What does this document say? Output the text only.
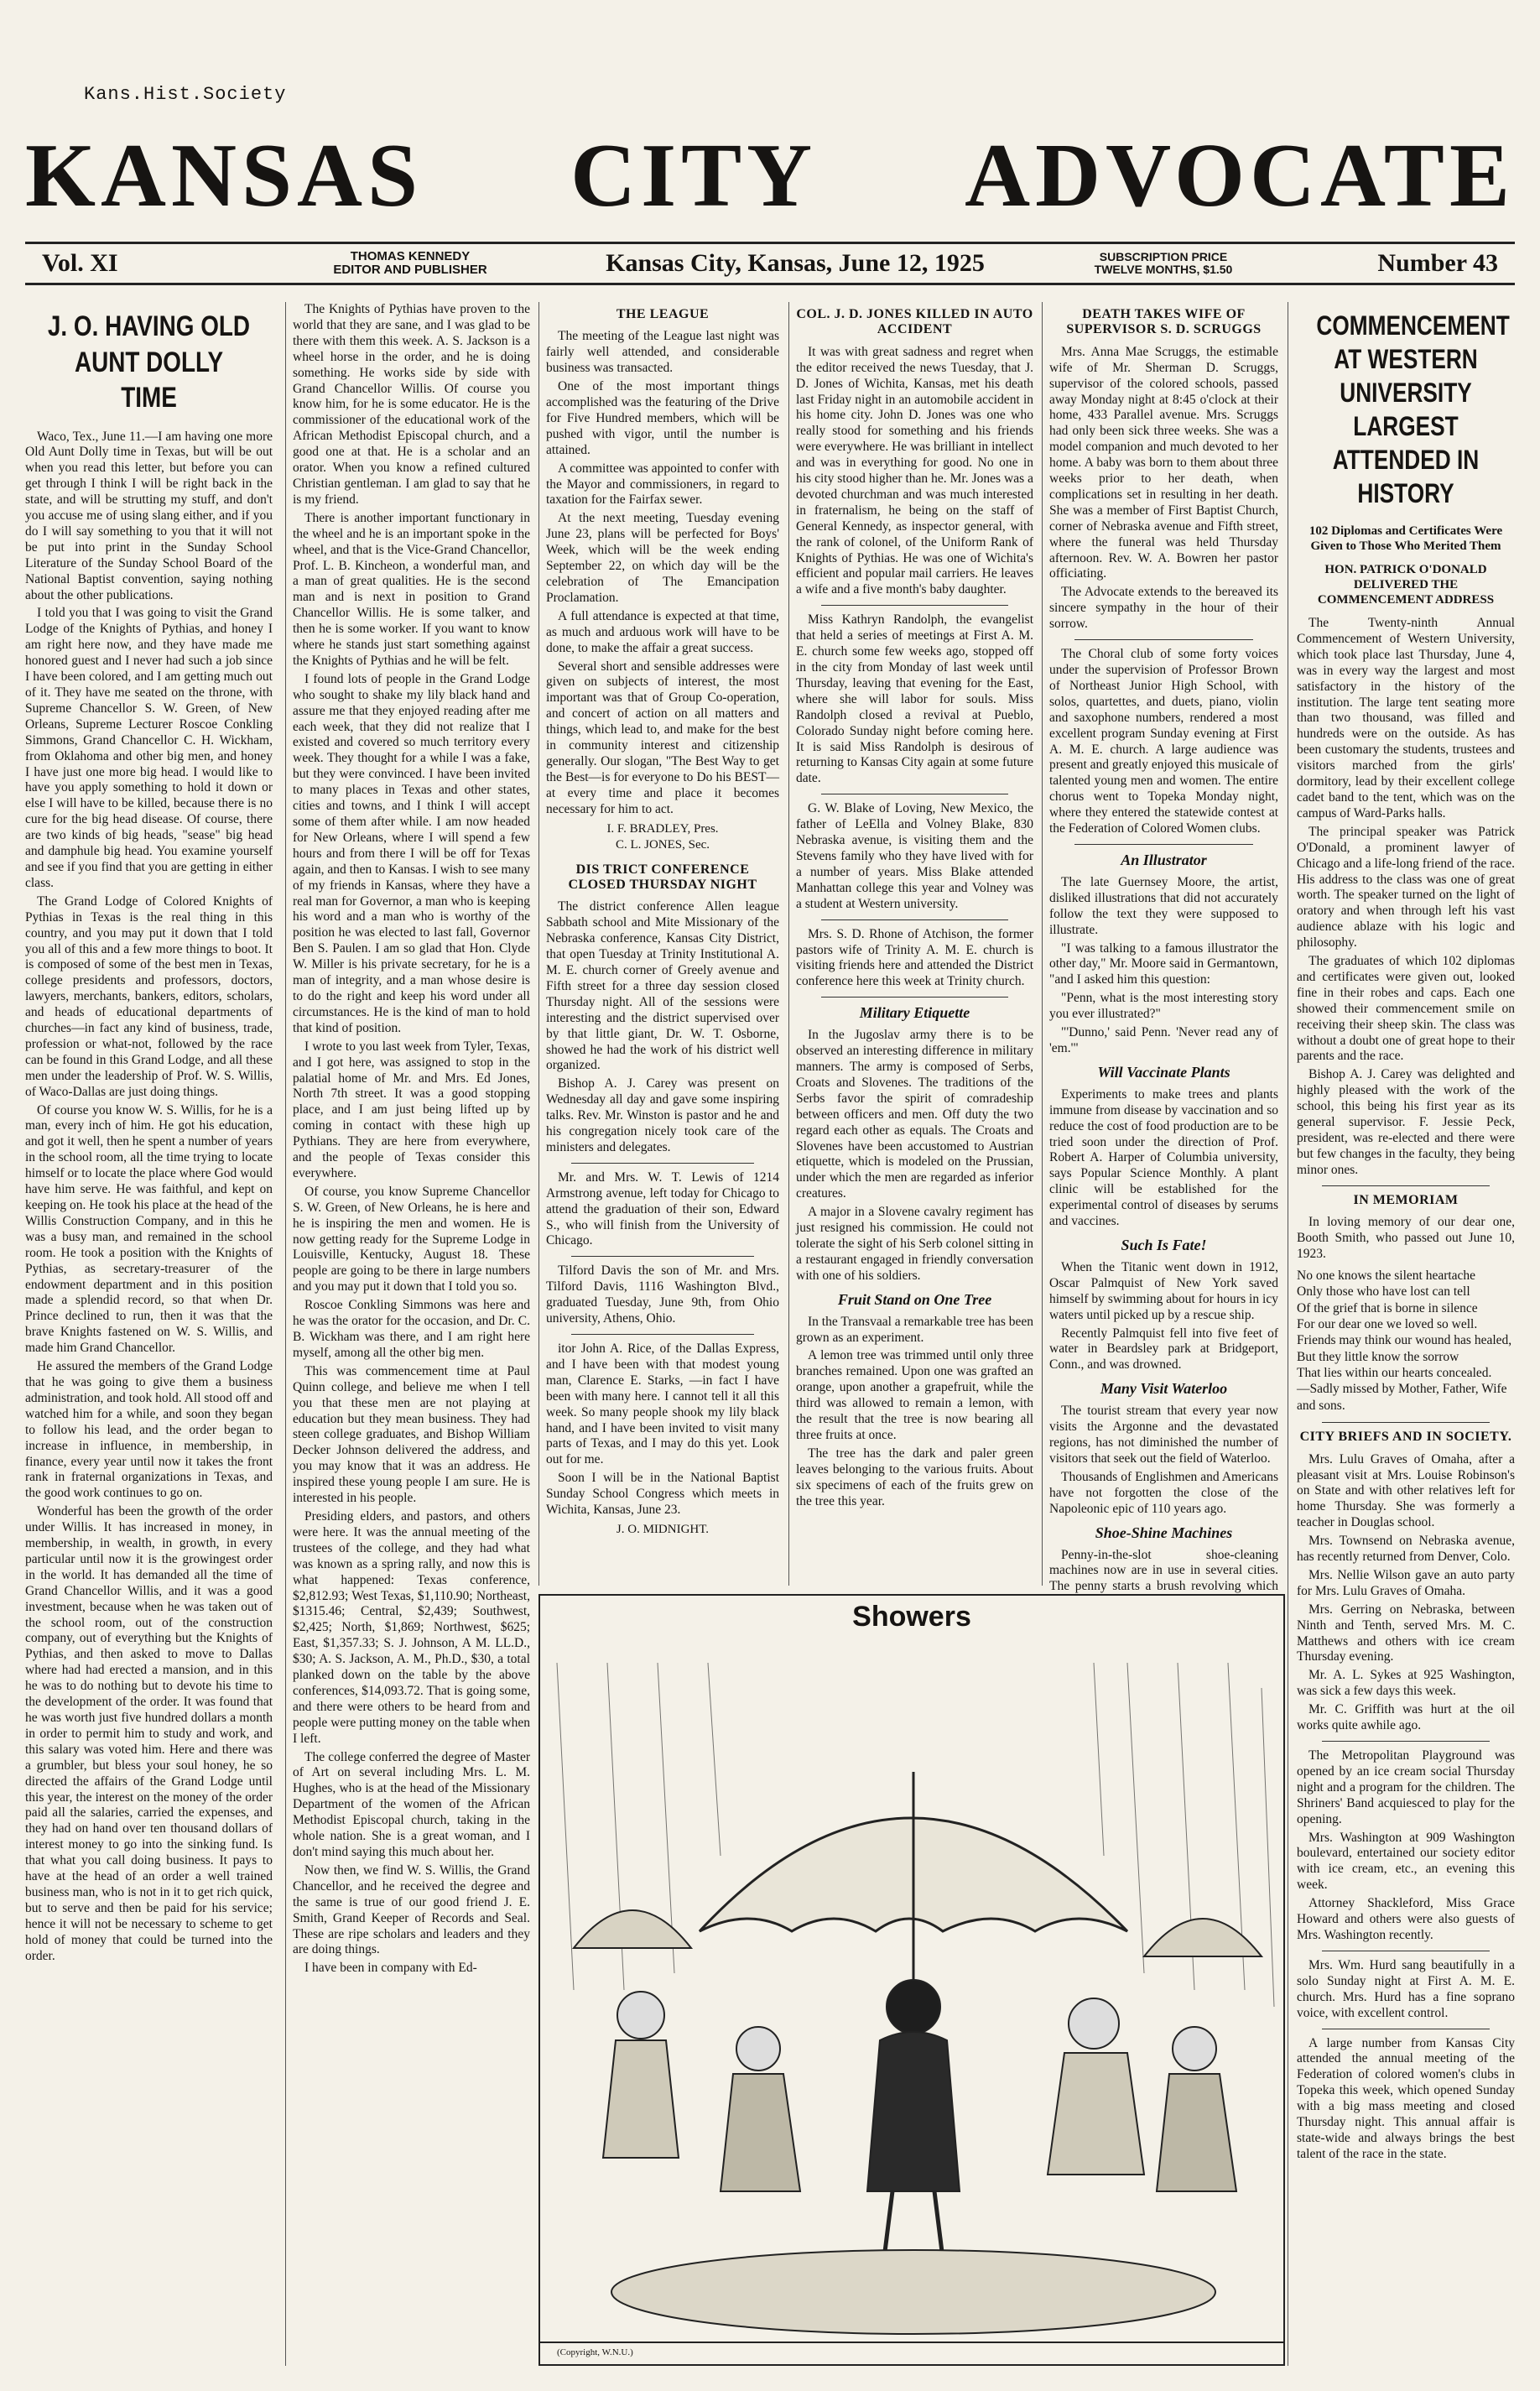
Kans.Hist.Society
KANSAS CITY ADVOCATE
Vol. XI	THOMAS KENNEDY
EDITOR AND PUBLISHER	Kansas City, Kansas, June 12, 1925	SUBSCRIPTION PRICE
TWELVE MONTHS, $1.50	Number 43
J. O. HAVING OLD AUNT DOLLY TIME

Waco, Tex., June 11.—I am having one more Old Aunt Dolly time in Texas, but will be out when you read this letter, but before you can get through I think I will be right back in the state, and will be strutting my stuff, and don't you accuse me of using slang either, and if you do I will say something to you that it will not be put into print in the Sunday School Literature of the Sunday School Board of the National Baptist convention, saying nothing about the other publications.

I told you that I was going to visit the Grand Lodge of the Knights of Pythias, and honey I am right here now, and they have made me honored guest and I never had such a job since I have been colored, and I am getting much out of it. They have me seated on the throne, with Supreme Chancellor S. W. Green, of New Orleans, Supreme Lecturer Roscoe Conkling Simmons, Grand Chancellor C. H. Wickham, from Oklahoma and other big men, and honey I have just one more big head. I would like to have you apply something to hold it down or else I will have to be killed, because there is no cure for the big head disease. Of course, there are two kinds of big heads, "sease" big head and damphule big head. You examine yourself and see if you find that you are getting in either class.

The Grand Lodge of Colored Knights of Pythias in Texas is the real thing in this country, and you may put it down that I told you all of this and a few more things to boot. It is composed of some of the best men in Texas, college presidents and professors, doctors, lawyers, merchants, bankers, editors, scholars, and heads of educational departments of churches—in fact any kind of business, trade, profession or what-not, followed by the race can be found in this Grand Lodge, and all these men under the leadership of Prof. W. S. Willis, of Waco-Dallas are just doing things.

Of course you know W. S. Willis, for he is a man, every inch of him. He got his education, and got it well, then he spent a number of years in the school room, all the time trying to locate himself or to locate the place where God would have him serve. He was faithful, and kept on keeping on. He took his place at the head of the Willis Construction Company, and in this he was a busy man, and remained in the school room. He took a position with the Knights of Pythias, as secretary-treasurer of the endowment department and in this position made a splendid record, so that when Dr. Prince declined to run, then it was that the brave Knights fastened on W. S. Willis, and made him Grand Chancellor.

He assured the members of the Grand Lodge that he was going to give them a business administration, and took hold. All stood off and watched him for a while, and soon they began to follow his lead, and the order began to increase in influence, in membership, in finance, every year until now it takes the front rank in fraternal organizations in Texas, and the good work continues to go on.

Wonderful has been the growth of the order under Willis. It has increased in money, in membership, in wealth, in growth, in every particular until now it is the growingest order in the world. It has demanded all the time of Grand Chancellor Willis, and it was a good investment, because when he was taken out of the school room, out of the construction company, out of everything but the Knights of Pythias, and then asked to move to Dallas where had had erected a mansion, and in this he was to do nothing but to devote his time to the development of the order. It was found that he was worth just five hundred dollars a month in order to permit him to study and work, and this salary was voted him. Here and there was a grumbler, but bless your soul honey, he so directed the affairs of the Grand Lodge until this year, the interest on the money of the order paid all the salaries, carried the expenses, and they had on hand over ten thousand dollars of interest money to go into the sinking fund. Is that what you call doing business. It pays to have at the head of an order a well trained business man, who is not in it to get rich quick, but to serve and then be paid for his service; hence it will not be necessary to scheme to get hold of money that could be turned into the order.

The Knights of Pythias have proven to the world that they are sane, and I was glad to be there with them this week. A. S. Jackson is a wheel horse in the order, and he is doing something. He works side by side with Grand Chancellor Willis. Of course you know him, for he is some educator. He is the commissioner of the educational work of the African Methodist Episcopal church, and a good one at that. He is a scholar and an orator. When you know a refined cultured Christian gentleman. I am glad to say that he is my friend.

There is another important functionary in the wheel and he is an important spoke in the wheel, and that is the Vice-Grand Chancellor, Prof. L. B. Kincheon, a wonderful man, and a man of great qualities. He is the second man and is next in position to Grand Chancellor Willis. He is some talker, and then he is some worker. If you want to know where he stands just start something against the Knights of Pythias and he will be felt.

I found lots of people in the Grand Lodge who sought to shake my lily black hand and assure me that they enjoyed reading after me each week, that they did not realize that I existed and covered so much territory every week. They thought for a while I was a fake, but they were convinced. I have been invited to many places in Texas and other states, cities and towns, and I think I will accept some of them after while. I am now headed for New Orleans, where I will spend a few hours and from there I will be off for Texas again, and then to Kansas. I wish to see many of my friends in Kansas, where they have a real man for Governor, a man who is keeping his word and a man who is worthy of the position he was elected to last fall, Governor Ben S. Paulen. I am so glad that Hon. Clyde W. Miller is his private secretary, for he is a man of integrity, and a man whose desire is to do the right and keep his word under all circumstances. He is the kind of man to hold that kind of position.

I wrote to you last week from Tyler, Texas, and I got here, was assigned to stop in the palatial home of Mr. and Mrs. Ed Jones, North 7th street. It was a good stopping place, and I am just being lifted up by coming in contact with these high up Pythians. They are here from everywhere, and the people of Texas consider this everywhere.

Of course, you know Supreme Chancellor S. W. Green, of New Orleans, he is here and he is inspiring the men and women. He is now getting ready for the Supreme Lodge in Louisville, Kentucky, August 18. These people are going to be there in large numbers and you may put it down that I told you so.

Roscoe Conkling Simmons was here and he was the orator for the occasion, and Dr. C. B. Wickham was there, and I am right here myself, among all the other big men.

This was commencement time at Paul Quinn college, and believe me when I tell you that these men are not playing at education but they mean business. They had steen college graduates, and Bishop William Decker Johnson delivered the address, and you may know that it was an address. He inspired these young people I am sure. He is interested in his people.

Presiding elders, and pastors, and others were here. It was the annual meeting of the trustees of the college, and they had what was known as a spring rally, and now this is what happened: Texas conference, $2,812.93; West Texas, $1,110.90; Northeast, $1315.46; Central, $2,439; Southwest, $2,425; North, $1,869; Northwest, $625; East, $1,357.33; S. J. Johnson, A M. LL.D., $30; A. S. Jackson, A. M., Ph.D., $30, a total planked down on the table by the above conferences, $14,093.72. That is going some, and there were others to be heard from and people were putting money on the table when I left.

The college conferred the degree of Master of Art on several including Mrs. L. M. Hughes, who is at the head of the Missionary Department of the women of the African Methodist Episcopal church, taking in the whole nation. She is a great woman, and I don't mind saying this much about her.

Now then, we find W. S. Willis, the Grand Chancellor, and he received the degree and the same is true of our good friend J. E. Smith, Grand Keeper of Records and Seal. These are ripe scholars and leaders and they are doing things.

I have been in company with Ed-

THE LEAGUE

The meeting of the League last night was fairly well attended, and considerable business was transacted.

One of the most important things accomplished was the featuring of the Drive for Five Hundred members, which will be pushed with vigor, until the number is attained.

A committee was appointed to confer with the Mayor and commissioners, in regard to taxation for the Fairfax sewer.

At the next meeting, Tuesday evening June 23, plans will be perfected for Boys' Week, which will be the week ending September 22, on which day will be the celebration of The Emancipation Proclamation.

A full attendance is expected at that time, as much and arduous work will have to be done, to make the affair a great success.

Several short and sensible addresses were given on subjects of interest, the most important was that of Group Co-operation, and concert of action on all matters and things, which lead to, and make for the best in community interest and citizenship generally. Our slogan, "The Best Way to get the Best—is for everyone to Do his BEST—at every time and place it becomes necessary for him to act.

I. F. BRADLEY, Pres.
C. L. JONES, Sec.
DIS TRICT CONFERENCE CLOSED THURSDAY NIGHT

The district conference Allen league Sabbath school and Mite Missionary of the Nebraska conference, Kansas City District, that open Tuesday at Trinity Institutional A. M. E. church corner of Greely avenue and Fifth street for a three day session closed Thursday night. All of the sessions were interesting and the district supervised over by that little giant, Dr. W. T. Osborne, showed he had the work of his district well organized.

Bishop A. J. Carey was present on Wednesday all day and gave some inspiring talks. Rev. Mr. Winston is pastor and he and his congregation nicely took care of the ministers and delegates.

Mr. and Mrs. W. T. Lewis of 1214 Armstrong avenue, left today for Chicago to attend the graduation of their son, Edward S., who will finish from the University of Chicago.

Tilford Davis the son of Mr. and Mrs. Tilford Davis, 1116 Washington Blvd., graduated Tuesday, June 9th, from Ohio university, Athens, Ohio.

itor John A. Rice, of the Dallas Express, and I have been with that modest young man, Clarence E. Starks, —in fact I have been with many here. I cannot tell it all this week. So many people shook my lily black hand, and I have been invited to visit many parts of Texas, and I may do this yet. Look out for me.

Soon I will be in the National Baptist Sunday School Congress which meets in Wichita, Kansas, June 23.

J. O. MIDNIGHT.
COL. J. D. JONES KILLED IN AUTO ACCIDENT

It was with great sadness and regret when the editor received the news Tuesday, that J. D. Jones of Wichita, Kansas, met his death last Friday night in an automobile accident in his home city. John D. Jones was one who really stood for something and his friends were everywhere. He was brilliant in intellect and was in everything for good. No one in his city stood higher than he. Mr. Jones was a devoted churchman and was much interested in fraternalism, he being on the staff of General Kennedy, as inspector general, with the rank of colonel, of the Uniform Rank of Knights of Pythias. He was one of Wichita's efficient and popular mail carriers. He leaves a wife and a five month's baby daughter.

Miss Kathryn Randolph, the evangelist that held a series of meetings at First A. M. E. church some few weeks ago, stopped off in the city from Monday of last week until Thursday, leaving that evening for the East, where she will labor for souls. Miss Randolph closed a revival at Pueblo, Colorado Sunday night before coming here. It is said Miss Randolph is desirous of returning to Kansas City again at some future date.

G. W. Blake of Loving, New Mexico, the father of LeElla and Volney Blake, 830 Nebraska avenue, is visiting them and the Stevens family who they have lived with for a number of years. Miss Blake attended Manhattan college this year and Volney was a student at Western university.

Mrs. S. D. Rhone of Atchison, the former pastors wife of Trinity A. M. E. church is visiting friends here and attended the District conference here this week at Trinity church.

Military Etiquette

In the Jugoslav army there is to be observed an interesting difference in military manners. The army is composed of Serbs, Croats and Slovenes. The traditions of the Serbs favor the spirit of comradeship between officers and men. Off duty the two regard each other as equals. The Croats and Slovenes have been accustomed to Austrian etiquette, which is modeled on the Prussian, under which the men are regarded as inferior creatures.

A major in a Slovene cavalry regiment has just resigned his commission. He could not tolerate the sight of his Serb colonel sitting in a restaurant engaged in friendly conversation with one of his soldiers.

Fruit Stand on One Tree

In the Transvaal a remarkable tree has been grown as an experiment.

A lemon tree was trimmed until only three branches remained. Upon one was grafted an orange, upon another a grapefruit, while the third was allowed to remain a lemon, with the result that the tree is now bearing all three fruits at once.

The tree has the dark and paler green leaves belonging to the various fruits. About six specimens of each of the fruits grew on the tree this year.

DEATH TAKES WIFE OF SUPERVISOR S. D. SCRUGGS

Mrs. Anna Mae Scruggs, the estimable wife of Mr. Sherman D. Scruggs, supervisor of the colored schools, passed away Monday night at 8:45 o'clock at their home, 433 Parallel avenue. Mrs. Scruggs had only been sick three weeks. She was a model companion and much devoted to her home. A baby was born to them about three weeks prior to her death, when complications set in resulting in her death. She was a member of First Baptist Church, corner of Nebraska avenue and Fifth street, where the funeral was held Thursday afternoon. Rev. W. A. Bowren her pastor officiating.

The Advocate extends to the bereaved its sincere sympathy in the hour of their sorrow.

The Choral club of some forty voices under the supervision of Professor Brown of Northeast Junior High School, with solos, quartettes, and duets, piano, violin and saxophone numbers, rendered a most excellent program Sunday evening at First A. M. E. church. A large audience was present and greatly enjoyed this musicale of talented young men and women. The entire chorus went to Topeka Monday night, where they entered the statewide contest at the Federation of Colored Women clubs.

An Illustrator

The late Guernsey Moore, the artist, disliked illustrations that did not accurately follow the text they were supposed to illustrate.

"I was talking to a famous illustrator the other day," Mr. Moore said in Germantown, "and I asked him this question:

"Penn, what is the most interesting story you ever illustrated?"

"'Dunno,' said Penn. 'Never read any of 'em.'"

Will Vaccinate Plants

Experiments to make trees and plants immune from disease by vaccination and so reduce the cost of food production are to be tried soon under the direction of Prof. Robert A. Harper of Columbia university, says Popular Science Monthly. A plant clinic will be established for the experimental control of diseases by serums and vaccines.

Such Is Fate!

When the Titanic went down in 1912, Oscar Palmquist of New York saved himself by swimming about for hours in icy waters until picked up by a rescue ship.

Recently Palmquist fell into five feet of water in Beardsley park at Bridgeport, Conn., and was drowned.

Many Visit Waterloo

The tourist stream that every year now visits the Argonne and the devastated regions, has not diminished the number of visitors that seek out the field of Waterloo.

Thousands of Englishmen and Americans have not forgotten the close of the Napoleonic epic of 110 years ago.

Shoe-Shine Machines

Penny-in-the-slot shoe-cleaning machines now are in use in several cities. The penny starts a brush revolving which

COMMENCEMENT AT WESTERN UNIVERSITY LARGEST ATTENDED IN HISTORY
102 Diplomas and Certificates Were Given to Those Who Merited Them
HON. PATRICK O'DONALD DELIVERED THE COMMENCEMENT ADDRESS

The Twenty-ninth Annual Commencement of Western University, which took place last Thursday, June 4, was in every way the largest and most satisfactory in the history of the institution. The large tent seating more than two thousand, was filled and hundreds were on the outside. As has been customary the students, trustees and visitors marched from the girls' dormitory, lead by their excellent college cadet band to the tent, which was on the campus of Ward-Parks halls.

The principal speaker was Patrick O'Donald, a prominent lawyer of Chicago and a life-long friend of the race. His address to the class was one of great worth. The speaker turned on the light of oratory and when through left his vast audience ablaze with his logic and philosophy.

The graduates of which 102 diplomas and certificates were given out, looked fine in their robes and caps. Each one showed their commencement smile on receiving their sheep skin. The class was without a doubt one of great hope to their parents and the race.

Bishop A. J. Carey was delighted and highly pleased with the work of the school, this being his first year as its general supervisor. F. Jessie Peck, president, was re-elected and there were but few changes in the faculty, they being minor ones.

IN MEMORIAM

In loving memory of our dear one, Booth Smith, who passed out June 10, 1923.

No one knows the silent heartache
Only those who have lost can tell
Of the grief that is borne in silence
For our dear one we loved so well.
Friends may think our wound has healed,
But they little know the sorrow
That lies within our hearts concealed.
—Sadly missed by Mother, Father, Wife and sons.
CITY BRIEFS AND IN SOCIETY.

Mrs. Lulu Graves of Omaha, after a pleasant visit at Mrs. Louise Robinson's on State and with other relatives left for home Thursday. She was formerly a teacher in Douglas school.

Mrs. Townsend on Nebraska avenue, has recently returned from Denver, Colo.

Mrs. Nellie Wilson gave an auto party for Mrs. Lulu Graves of Omaha.

Mrs. Gerring on Nebraska, between Ninth and Tenth, served Mrs. M. C. Matthews and others with ice cream Thursday evening.

Mr. A. L. Sykes at 925 Washington, was sick a few days this week.

Mr. C. Griffith was hurt at the oil works quite awhile ago.

The Metropolitan Playground was opened by an ice cream social Thursday night and a program for the children. The Shriners' Band acquiesced to play for the opening.

Mrs. Washington at 909 Washington boulevard, entertained our society editor with ice cream, etc., an evening this week.

Attorney Shackleford, Miss Grace Howard and others were also guests of Mrs. Washington recently.

Mrs. Wm. Hurd sang beautifully in a solo Sunday night at First A. M. E. church. Mrs. Hurd has a fine soprano voice, with excellent control.

A large number from Kansas City attended the annual meeting of the Federation of colored women's clubs in Topeka this week, which opened Sunday with a big mass meeting and closed Thursday night. This annual affair is state-wide and always brings the best talent of the race in the state.

Showers
(Copyright, W.N.U.)
